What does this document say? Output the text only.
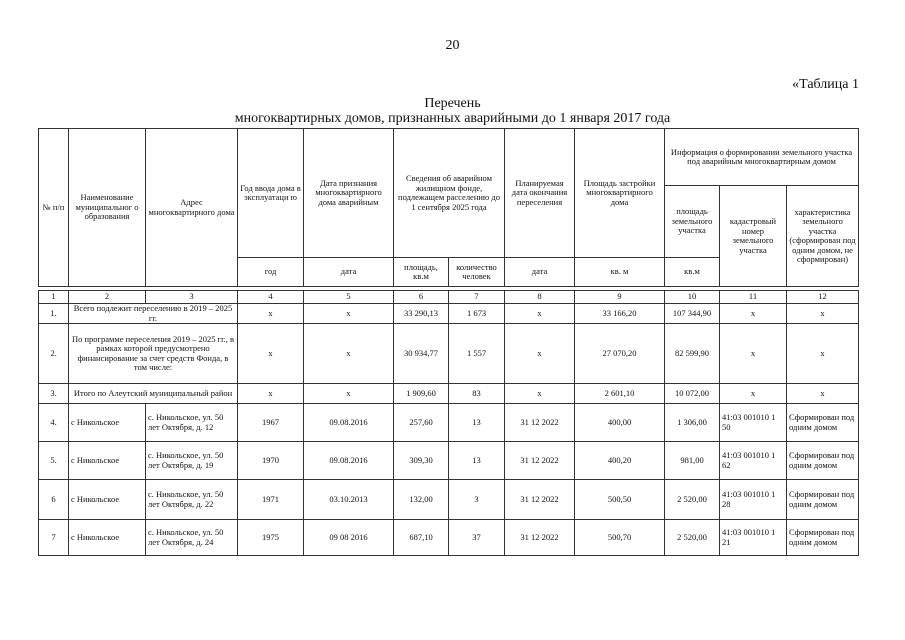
20
«Таблица 1
Перечень
многоквартирных домов, признанных аварийными до 1 января 2017 года
№ п/п	Наименование муниципальног о образования	Адрес многоквартирного дома	Год ввода дома в эксплуатаци ю	Дата признания многоквартирного дома аварийным	Сведения об аварийном жилищном фонде, подлежащем расселению до 1 сентября 2025 года		Планируемая дата окончания переселения	Площадь застройки многоквартирного дома	Информация о формировании земельного участка под аварийным многоквартирным домом		
									площадь земельного участка	кадастровый номер земельного участка	характеристика земельного участка (сформирован под одним домом, не сформирован)
			год	дата	площадь, кв.м	количество человек	дата	кв. м	кв.м		

1	2	3	4	5	6	7	8	9	10	11	12
1.	Всего подлежит переселению в 2019 – 2025 гг.		x	x	33 290,13	1 673	x	33 166,20	107 344,90	x	x
2.	По программе переселения 2019 – 2025 гг., в рамках которой предусмотрено финансирование за счет средств Фонда, в том числе:		x	x	30 934,77	1 557	x	27 070,20	82 599,90	x	x
3.	Итого по Алеутский муниципальный район		x	x	1 909,60	83	x	2 601,10	10 072,00	x	x
4.	с Никольское	с. Никольское, ул. 50 лет Октября, д. 12	1967	09.08.2016	257,60	13	31 12 2022	400,00	1 306,00	41:03 001010 1 50	Сформирован под одним домом
5.	с Никольское	с. Никольское, ул. 50 лет Октября, д. 19	1970	09.08.2016	309,30	13	31 12 2022	400,20	981,00	41:03 001010 1 62	Сформирован под одним домом
6	с Никольское	с. Никольское, ул. 50 лет Октября, д. 22	1971	03.10.2013	132,00	3	31 12 2022	500,50	2 520,00	41:03 001010 1 28	Сформирован под одним домом
7	с Никольское	с. Никольское, ул. 50 лет Октября, д. 24	1975	09 08 2016	687,10	37	31 12 2022	500,70	2 520,00	41:03 001010 1 21	Сформирован под одним домом
